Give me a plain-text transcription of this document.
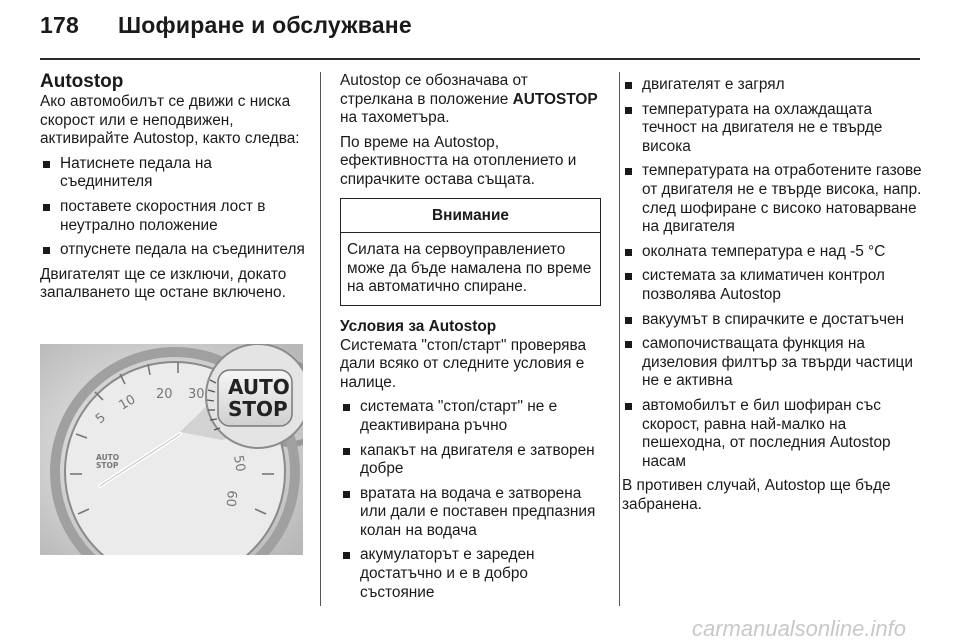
178 Шофиране и обслужване
Autostop

Ако автомобилът се движи с ниска скорост или е неподвижен, активирайте Autostop, както следва:

Натиснете педала на съединителя
поставете скоростния лост в неутрално положение
отпуснете педала на съединителя

Двигателят ще се изключи, докато запалването ще остане включено.

5
10 20 30
50
60
AUTO
STOP
AUTO
STOP

Autostop се обозначава от стрелкана в положение AUTOSTOP на тахометъра.

По време на Autostop, ефективността на отоплението и спирачките остава същата.

Внимание
Силата на сервоуправлението може да бъде намалена по време на автоматично спиране.
Условия за Autostop

Системата "стоп/старт" проверява дали всяко от следните условия е налице.

системата "стоп/старт" не е деактивирана ръчно
капакът на двигателя е затворен добре
вратата на водача е затворена или дали е поставен предпазния колан на водача
акумулаторът е зареден достатъчно и е в добро състояние
двигателят е загрял
температурата на охлаждащата течност на двигателя не е твърде висока
температурата на отработените газове от двигателя не е твърде висока, напр. след шофиране с високо натоварване на двигателя
околната температура е над -5 °C
системата за климатичен контрол позволява Autostop
вакуумът в спирачките е достатъчен
самопочистващата функция на дизеловия филтър за твърди частици не е активна
автомобилът е бил шофиран със скорост, равна най-малко на пешеходна, от последния Autostop насам

В противен случай, Autostop ще бъде забранена.

carmanualsonline.info
